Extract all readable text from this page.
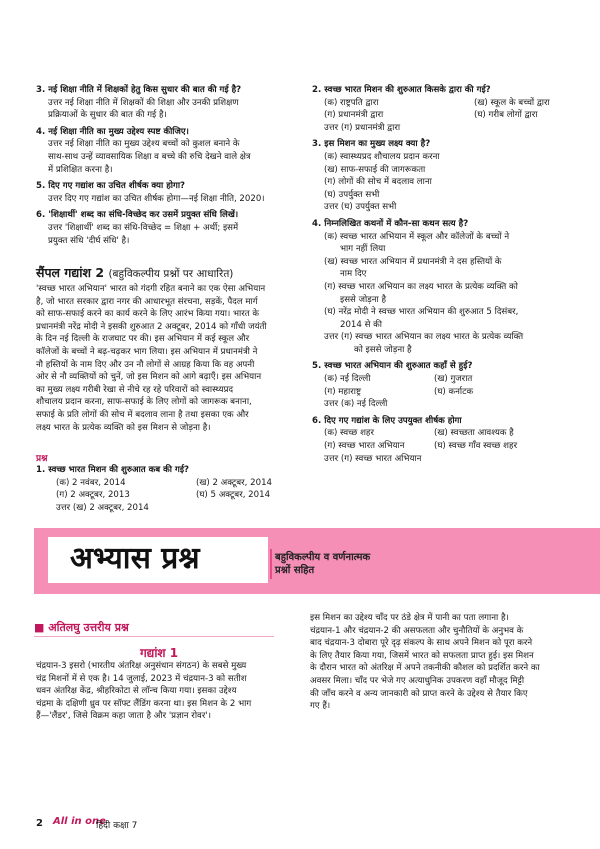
3. नई शिक्षा नीति में शिक्षकों हेतु किस सुधार की बात की गई है?

उत्तर नई शिक्षा नीति में शिक्षकों की शिक्षा और उनकी प्रशिक्षण

प्रक्रियाओं के सुधार की बात की गई है।

4. नई शिक्षा नीति का मुख्य उद्देश्य स्पष्ट कीजिए।

उत्तर नई शिक्षा नीति का मुख्य उद्देश्य बच्चों को कुशल बनाने के

साथ-साथ उन्हें व्यावसायिक शिक्षा व बच्चे की रुचि देखने वाले क्षेत्र

में प्रशिक्षित करना है।

5. दिए गए गद्यांश का उचित शीर्षक क्या होगा?

उत्तर दिए गए गद्यांश का उचित शीर्षक होगा—नई शिक्षा नीति, 2020।

6. 'शिक्षार्थी' शब्द का संधि-विच्छेद कर उसमें प्रयुक्त संधि लिखें।

उत्तर 'शिक्षार्थी' शब्द का संधि-विच्छेद = शिक्षा + अर्थी; इसमें

प्रयुक्त संधि 'दीर्घ संधि' है।

सैंपल गद्यांश 2 (बहुविकल्पीय प्रश्नों पर आधारित)

'स्वच्छ भारत अभियान' भारत को गंदगी रहित बनाने का एक ऐसा अभियान

है, जो भारत सरकार द्वारा नगर की आधारभूत संरचना, सड़कें, पैदल मार्ग

को साफ-सफाई करने का कार्य करने के लिए आरंभ किया गया। भारत के

प्रधानमंत्री नरेंद्र मोदी ने इसकी शुरुआत 2 अक्टूबर, 2014 को गाँधी जयंती

के दिन नई दिल्ली के राजघाट पर की। इस अभियान में कई स्कूल और

कॉलेजों के बच्चों ने बढ़-चढ़कर भाग लिया। इस अभियान में प्रधानमंत्री ने

नौ हस्तियों के नाम दिए और उन नौ लोगों से आग्रह किया कि वह अपनी

ओर से नौ व्यक्तियों को चुनें, जो इस मिशन को आगे बढ़ाएँ। इस अभियान

का मुख्य लक्ष्य गरीबी रेखा से नीचे रह रहे परिवारों को स्वास्थ्यप्रद

शौचालय प्रदान करना, साफ-सफाई के लिए लोगों को जागरूक बनाना,

सफाई के प्रति लोगों की सोच में बदलाव लाना है तथा इसका एक और

लक्ष्य भारत के प्रत्येक व्यक्ति को इस मिशन से जोड़ना है।

प्रश्न

1. स्वच्छ भारत मिशन की शुरुआत कब की गई?

(क) 2 नवंबर, 2014	(ख) 2 अक्टूबर, 2014

(ग) 2 अक्टूबर, 2013	(घ) 5 अक्टूबर, 2014

उत्तर (ख) 2 अक्टूबर, 2014

2. स्वच्छ भारत मिशन की शुरुआत किसके द्वारा की गई?

(क) राष्ट्रपति द्वारा	(ख) स्कूल के बच्चों द्वारा

(ग) प्रधानमंत्री द्वारा	(घ) गरीब लोगों द्वारा

उत्तर (ग) प्रधानमंत्री द्वारा

3. इस मिशन का मुख्य लक्ष्य क्या है?

(क) स्वास्थ्यप्रद शौचालय प्रदान करना

(ख) साफ-सफाई की जागरूकता

(ग) लोगों की सोच में बदलाव लाना

(घ) उपर्युक्त सभी

उत्तर (घ) उपर्युक्त सभी

4. निम्नलिखित कथनों में कौन-सा कथन सत्य है?

(क) स्वच्छ भारत अभियान में स्कूल और कॉलेजों के बच्चों ने

भाग नहीं लिया

(ख) स्वच्छ भारत अभियान में प्रधानमंत्री ने दस हस्तियों के

नाम दिए

(ग) स्वच्छ भारत अभियान का लक्ष्य भारत के प्रत्येक व्यक्ति को

इससे जोड़ना है

(घ) नरेंद्र मोदी ने स्वच्छ भारत अभियान की शुरुआत 5 दिसंबर,

2014 से की

उत्तर (ग) स्वच्छ भारत अभियान का लक्ष्य भारत के प्रत्येक व्यक्ति

को इससे जोड़ना है

5. स्वच्छ भारत अभियान की शुरुआत कहाँ से हुई?

(क) नई दिल्ली	(ख) गुजरात

(ग) महाराष्ट्र	(घ) कर्नाटक

उत्तर (क) नई दिल्ली

6. दिए गए गद्यांश के लिए उपयुक्त शीर्षक होगा

(क) स्वच्छ शहर	(ख) स्वच्छता आवश्यक है

(ग) स्वच्छ भारत अभियान	(घ) स्वच्छ गाँव स्वच्छ शहर

उत्तर (ग) स्वच्छ भारत अभियान

अभ्यास प्रश्न	बहुविकल्पीय व वर्णनात्मक
प्रश्नों सहित
■ अतिलघु उत्तरीय प्रश्न
गद्यांश 1

चंद्रयान-3 इसरो (भारतीय अंतरिक्ष अनुसंधान संगठन) के सबसे मुख्य

चंद्र मिशनों में से एक है। 14 जुलाई, 2023 में चंद्रयान-3 को सतीश

धवन अंतरिक्ष केंद्र, श्रीहरिकोटा से लॉन्च किया गया। इसका उद्देश्य

चंद्रमा के दक्षिणी ध्रुव पर सॉफ्ट लैंडिंग करना था। इस मिशन के 2 भाग

हैं—'लैंडर', जिसे विक्रम कहा जाता है और 'प्रज्ञान रोवर'।

इस मिशन का उद्देश्य चाँद पर ठंडे क्षेत्र में पानी का पता लगाना है।

चंद्रयान-1 और चंद्रयान-2 की असफलता और चुनौतियों के अनुभव के

बाद चंद्रयान-3 दोबारा पूरे दृढ़ संकल्प के साथ अपने मिशन को पूरा करने

के लिए तैयार किया गया, जिसमें भारत को सफलता प्राप्त हुई। इस मिशन

के दौरान भारत को अंतरिक्ष में अपने तकनीकी कौशल को प्रदर्शित करने का

अवसर मिला। चाँद पर भेजे गए अत्याधुनिक उपकरण वहाँ मौजूद मिट्टी

की जाँच करने व अन्य जानकारी को प्राप्त करने के उद्देश्य से तैयार किए

गए हैं।

2 All in one
हिंदी कक्षा 7
